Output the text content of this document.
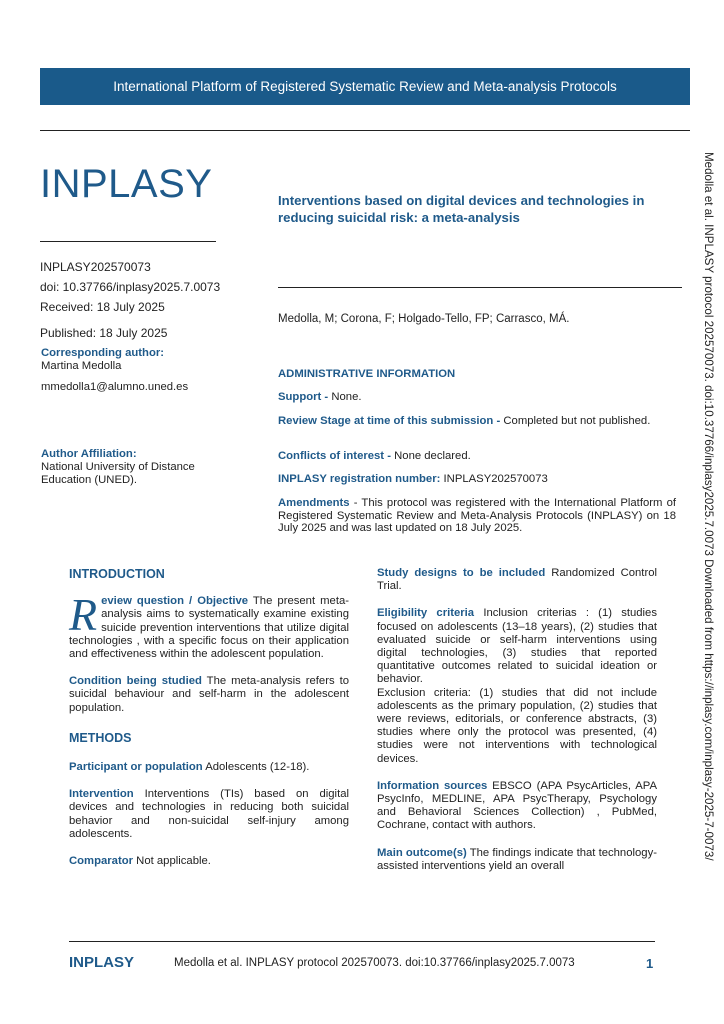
International Platform of Registered Systematic Review and Meta-analysis Protocols
INPLASY
INPLASY202570073
doi: 10.37766/inplasy2025.7.0073
Received: 18 July 2025
Published: 18 July 2025
Corresponding author:
Martina Medolla
mmedolla1@alumno.uned.es
Author Affiliation:
National University of Distance Education (UNED).
Interventions based on digital devices and technologies in reducing suicidal risk: a meta-analysis
Medolla, M; Corona, F; Holgado-Tello, FP; Carrasco, MÁ.
ADMINISTRATIVE INFORMATION
Support - None.
Review Stage at time of this submission - Completed but not published.
Conflicts of interest - None declared.
INPLASY registration number: INPLASY202570073
Amendments - This protocol was registered with the International Platform of Registered Systematic Review and Meta-Analysis Protocols (INPLASY) on 18 July 2025 and was last updated on 18 July 2025.	Medolla et al. INPLASY protocol 202570073. doi:10.37766/inplasy2025.7.0073 Downloaded from https://inplasy.com/inplasy-2025-7-0073/
INTRODUCTION
Review question / Objective The present meta-analysis aims to systematically examine existing suicide prevention interventions that utilize digital technologies , with a specific focus on their application and effectiveness within the adolescent population.
Condition being studied The meta-analysis refers to suicidal behaviour and self-harm in the adolescent population.
METHODS
Participant or population Adolescents (12-18).
Intervention Interventions (TIs) based on digital devices and technologies in reducing both suicidal behavior and non-suicidal self-injury among adolescents.
Comparator Not applicable.
Study designs to be included Randomized Control Trial.
Eligibility criteria Inclusion criterias : (1) studies focused on adolescents (13–18 years), (2) studies that evaluated suicide or self-harm interventions using digital technologies, (3) studies that reported quantitative outcomes related to suicidal ideation or behavior.
Exclusion criteria: (1) studies that did not include adolescents as the primary population, (2) studies that were reviews, editorials, or conference abstracts, (3) studies where only the protocol was presented, (4) studies were not interventions with technological devices.
Information sources EBSCO (APA PsycArticles, APA PsycInfo, MEDLINE, APA PsycTherapy, Psychology and Behavioral Sciences Collection) , PubMed, Cochrane, contact with authors.
Main outcome(s) The findings indicate that technology-assisted interventions yield an overall
INPLASY	Medolla et al. INPLASY protocol 202570073. doi:10.37766/inplasy2025.7.0073	1
